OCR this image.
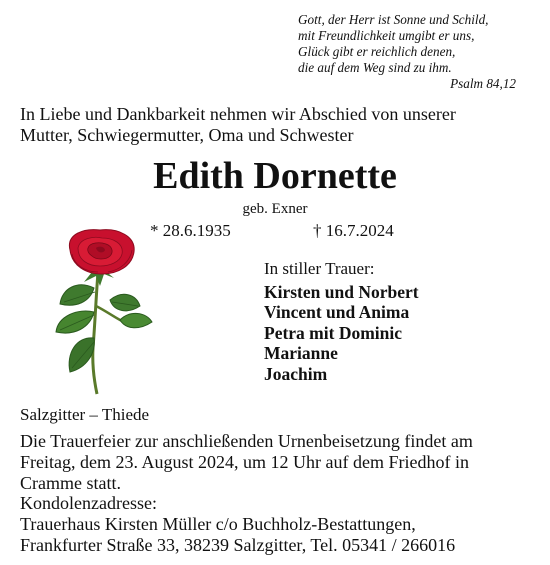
Gott, der Herr ist Sonne und Schild,
mit Freundlichkeit umgibt er uns,
Glück gibt er reichlich denen,
die auf dem Weg sind zu ihm.
Psalm 84,12
In Liebe und Dankbarkeit nehmen wir Abschied von unserer
Mutter, Schwiegermutter, Oma und Schwester
Edith Dornette
geb. Exner
* 28.6.1935	† 16.7.2024
In stiller Trauer:
Kirsten und Norbert
Vincent und Anima
Petra mit Dominic
Marianne
Joachim
Salzgitter – Thiede
Die Trauerfeier zur anschließenden Urnenbeisetzung findet am
Freitag, dem 23. August 2024, um 12 Uhr auf dem Friedhof in
Cramme statt.
Kondolenzadresse:
Trauerhaus Kirsten Müller c/o Buchholz-Bestattungen,
Frankfurter Straße 33, 38239 Salzgitter, Tel. 05341 / 266016
